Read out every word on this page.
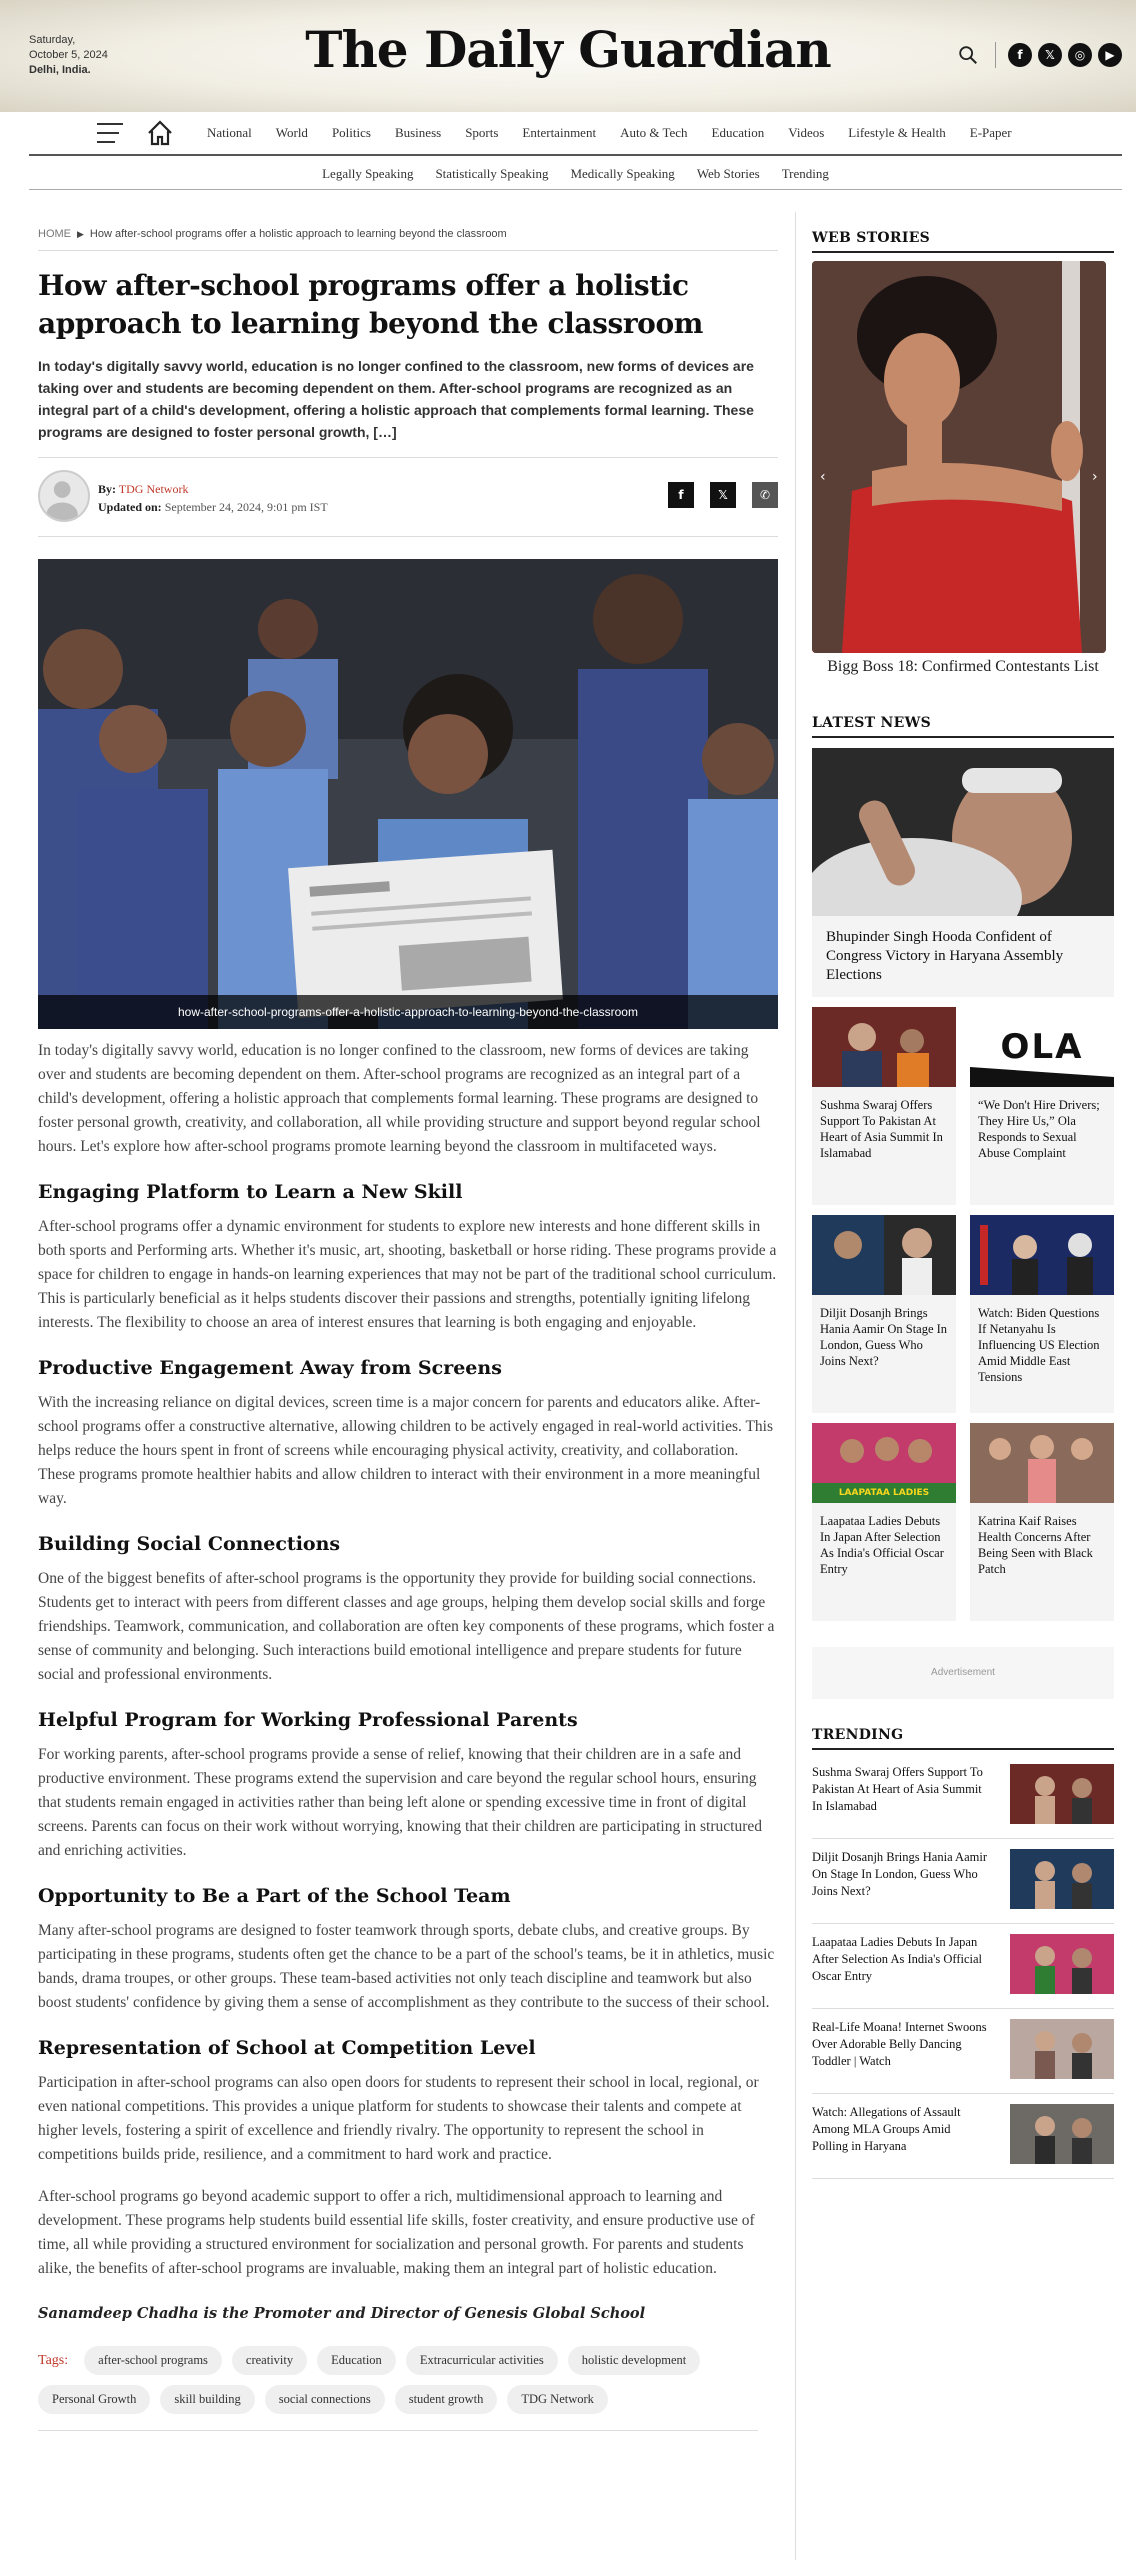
Saturday,
October 5, 2024
Delhi, India.	The Daily Guardian	f	𝕏	◎	▶
National	World	Politics	Business	Sports	Entertainment	Auto & Tech	Education	Videos	Lifestyle & Health	E-Paper
Legally Speaking	Statistically Speaking	Medically Speaking	Web Stories	Trending
HOME ▶ How after-school programs offer a holistic approach to learning beyond the classroom
How after-school programs offer a holistic approach to learning beyond the classroom

In today's digitally savvy world, education is no longer confined to the classroom, new forms of devices are taking over and students are becoming dependent on them. After-school programs are recognized as an integral part of a child's development, offering a holistic approach that complements formal learning. These programs are designed to foster personal growth, […]

By: TDG Network
Updated on: September 24, 2024, 9:01 pm IST
f	𝕏	✆
how-after-school-programs-offer-a-holistic-approach-to-learning-beyond-the-classroom

In today's digitally savvy world, education is no longer confined to the classroom, new forms of devices are taking over and students are becoming dependent on them. After-school programs are recognized as an integral part of a child's development, offering a holistic approach that complements formal learning. These programs are designed to foster personal growth, creativity, and collaboration, all while providing structure and support beyond regular school hours. Let's explore how after-school programs promote learning beyond the classroom in multifaceted ways.

Engaging Platform to Learn a New Skill

After-school programs offer a dynamic environment for students to explore new interests and hone different skills in both sports and Performing arts. Whether it's music, art, shooting, basketball or horse riding. These programs provide a space for children to engage in hands-on learning experiences that may not be part of the traditional school curriculum. This is particularly beneficial as it helps students discover their passions and strengths, potentially igniting lifelong interests. The flexibility to choose an area of interest ensures that learning is both engaging and enjoyable.

Productive Engagement Away from Screens

With the increasing reliance on digital devices, screen time is a major concern for parents and educators alike. After-school programs offer a constructive alternative, allowing children to be actively engaged in real-world activities. This helps reduce the hours spent in front of screens while encouraging physical activity, creativity, and collaboration. These programs promote healthier habits and allow children to interact with their environment in a more meaningful way.

Building Social Connections

One of the biggest benefits of after-school programs is the opportunity they provide for building social connections. Students get to interact with peers from different classes and age groups, helping them develop social skills and forge friendships. Teamwork, communication, and collaboration are often key components of these programs, which foster a sense of community and belonging. Such interactions build emotional intelligence and prepare students for future social and professional environments.

Helpful Program for Working Professional Parents

For working parents, after-school programs provide a sense of relief, knowing that their children are in a safe and productive environment. These programs extend the supervision and care beyond the regular school hours, ensuring that students remain engaged in activities rather than being left alone or spending excessive time in front of digital screens. Parents can focus on their work without worrying, knowing that their children are participating in structured and enriching activities.

Opportunity to Be a Part of the School Team

Many after-school programs are designed to foster teamwork through sports, debate clubs, and creative groups. By participating in these programs, students often get the chance to be a part of the school's teams, be it in athletics, music bands, drama troupes, or other groups. These team-based activities not only teach discipline and teamwork but also boost students' confidence by giving them a sense of accomplishment as they contribute to the success of their school.

Representation of School at Competition Level

Participation in after-school programs can also open doors for students to represent their school in local, regional, or even national competitions. This provides a unique platform for students to showcase their talents and compete at higher levels, fostering a spirit of excellence and friendly rivalry. The opportunity to represent the school in competitions builds pride, resilience, and a commitment to hard work and practice.

After-school programs go beyond academic support to offer a rich, multidimensional approach to learning and development. These programs help students build essential life skills, foster creativity, and ensure productive use of time, all while providing a structured environment for socialization and personal growth. For parents and students alike, the benefits of after-school programs are invaluable, making them an integral part of holistic education.

Sanamdeep Chadha is the Promoter and Director of Genesis Global School

Tags:	after-school programs	creativity	Education	Extracurricular activities	holistic development
Personal Growth	skill building	social connections	student growth	TDG Network
WEB STORIES
‹	›
Bigg Boss 18: Confirmed Contestants List
LATEST NEWS
Bhupinder Singh Hooda Confident of Congress Victory in Haryana Assembly Elections
Sushma Swaraj Offers Support To Pakistan At Heart of Asia Summit In Islamabad
OLA
“We Don't Hire Drivers; They Hire Us,” Ola Responds to Sexual Abuse Complaint
Diljit Dosanjh Brings Hania Aamir On Stage In London, Guess Who Joins Next?
Watch: Biden Questions If Netanyahu Is Influencing US Election Amid Middle East Tensions
LAAPATAA LADIES
Laapataa Ladies Debuts In Japan After Selection As India's Official Oscar Entry
Katrina Kaif Raises Health Concerns After Being Seen with Black Patch
Advertisement
TRENDING
Sushma Swaraj Offers Support To Pakistan At Heart of Asia Summit In Islamabad
Diljit Dosanjh Brings Hania Aamir On Stage In London, Guess Who Joins Next?
Laapataa Ladies Debuts In Japan After Selection As India's Official Oscar Entry
Real-Life Moana! Internet Swoons Over Adorable Belly Dancing Toddler | Watch
Watch: Allegations of Assault Among MLA Groups Amid Polling in Haryana
